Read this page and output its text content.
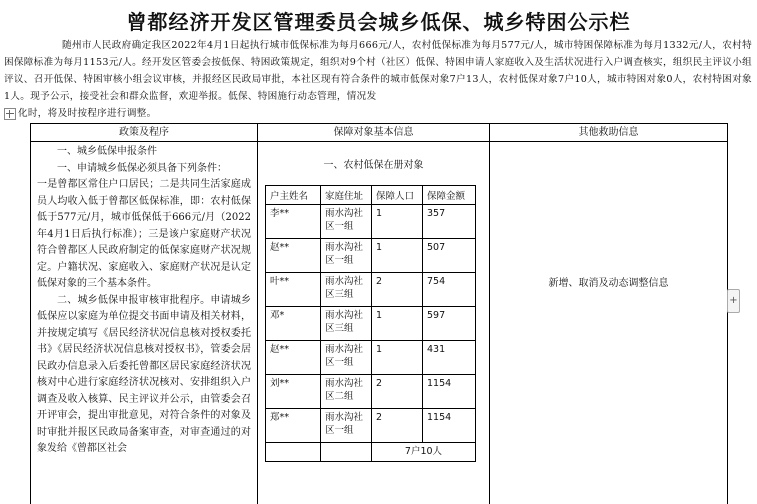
曾都经济开发区管理委员会城乡低保、城乡特困公示栏
随州市人民政府确定我区2022年4月1日起执行城市低保标准为每月666元/人，农村低保标准为每月577元/人，城市特困保障标准为每月1332元/人，农村特困保障标准为每月1153元/人。经开发区管委会按低保、特困政策规定，组织对9个村（社区）低保、特困申请人家庭收入及生活状况进行入户调查核实，组织民主评议小组评议、召开低保、特困审核小组会议审核，并报经区民政局审批，本社区现有符合条件的城市低保对象7户13人，农村低保对象7户10人，城市特困对象0人，农村特困对象1人。现予公示，接受社会和群众监督，欢迎举报。低保、特困施行动态管理，情况发
化时，将及时按程序进行调整。
政策及程序

一、城乡低保申报条件

一、申请城乡低保必须具备下列条件：

一是曾都区常住户口居民；二是共同生活家庭成员人均收入低于曾都区低保标准，即：农村低保低于577元/月，城市低保低于666元/月（2022年4月1日后执行标准）；三是该户家庭财产状况符合曾都区人民政府制定的低保家庭财产状况规定。户籍状况、家庭收入、家庭财产状况是认定低保对象的三个基本条件。

二、城乡低保申报审核审批程序。申请城乡低保应以家庭为单位提交书面申请及相关材料，并按规定填写《居民经济状况信息核对授权委托书》《居民经济状况信息核对授权书》，管委会居民政办信息录入后委托曾都区居民家庭经济状况核对中心进行家庭经济状况核对、安排组织入户调查及收入核算、民主评议并公示，由管委会召开评审会，提出审批意见，对符合条件的对象及时审批并报区民政局备案审查，对审查通过的对象发给《曾都区社会

保障对象基本信息
一、农村低保在册对象
户主姓名	家庭住址	保障人口	保障金额
李**	雨水沟社区一组	1	357
赵**	雨水沟社区一组	1	507
叶**	雨水沟社区三组	2	754
邓*	雨水沟社区三组	1	597
赵**	雨水沟社区一组	1	431
刘**	雨水沟社区二组	2	1154
郑**	雨水沟社区一组	2	1154
		7户10人	
其他救助信息
新增、取消及动态调整信息
+
